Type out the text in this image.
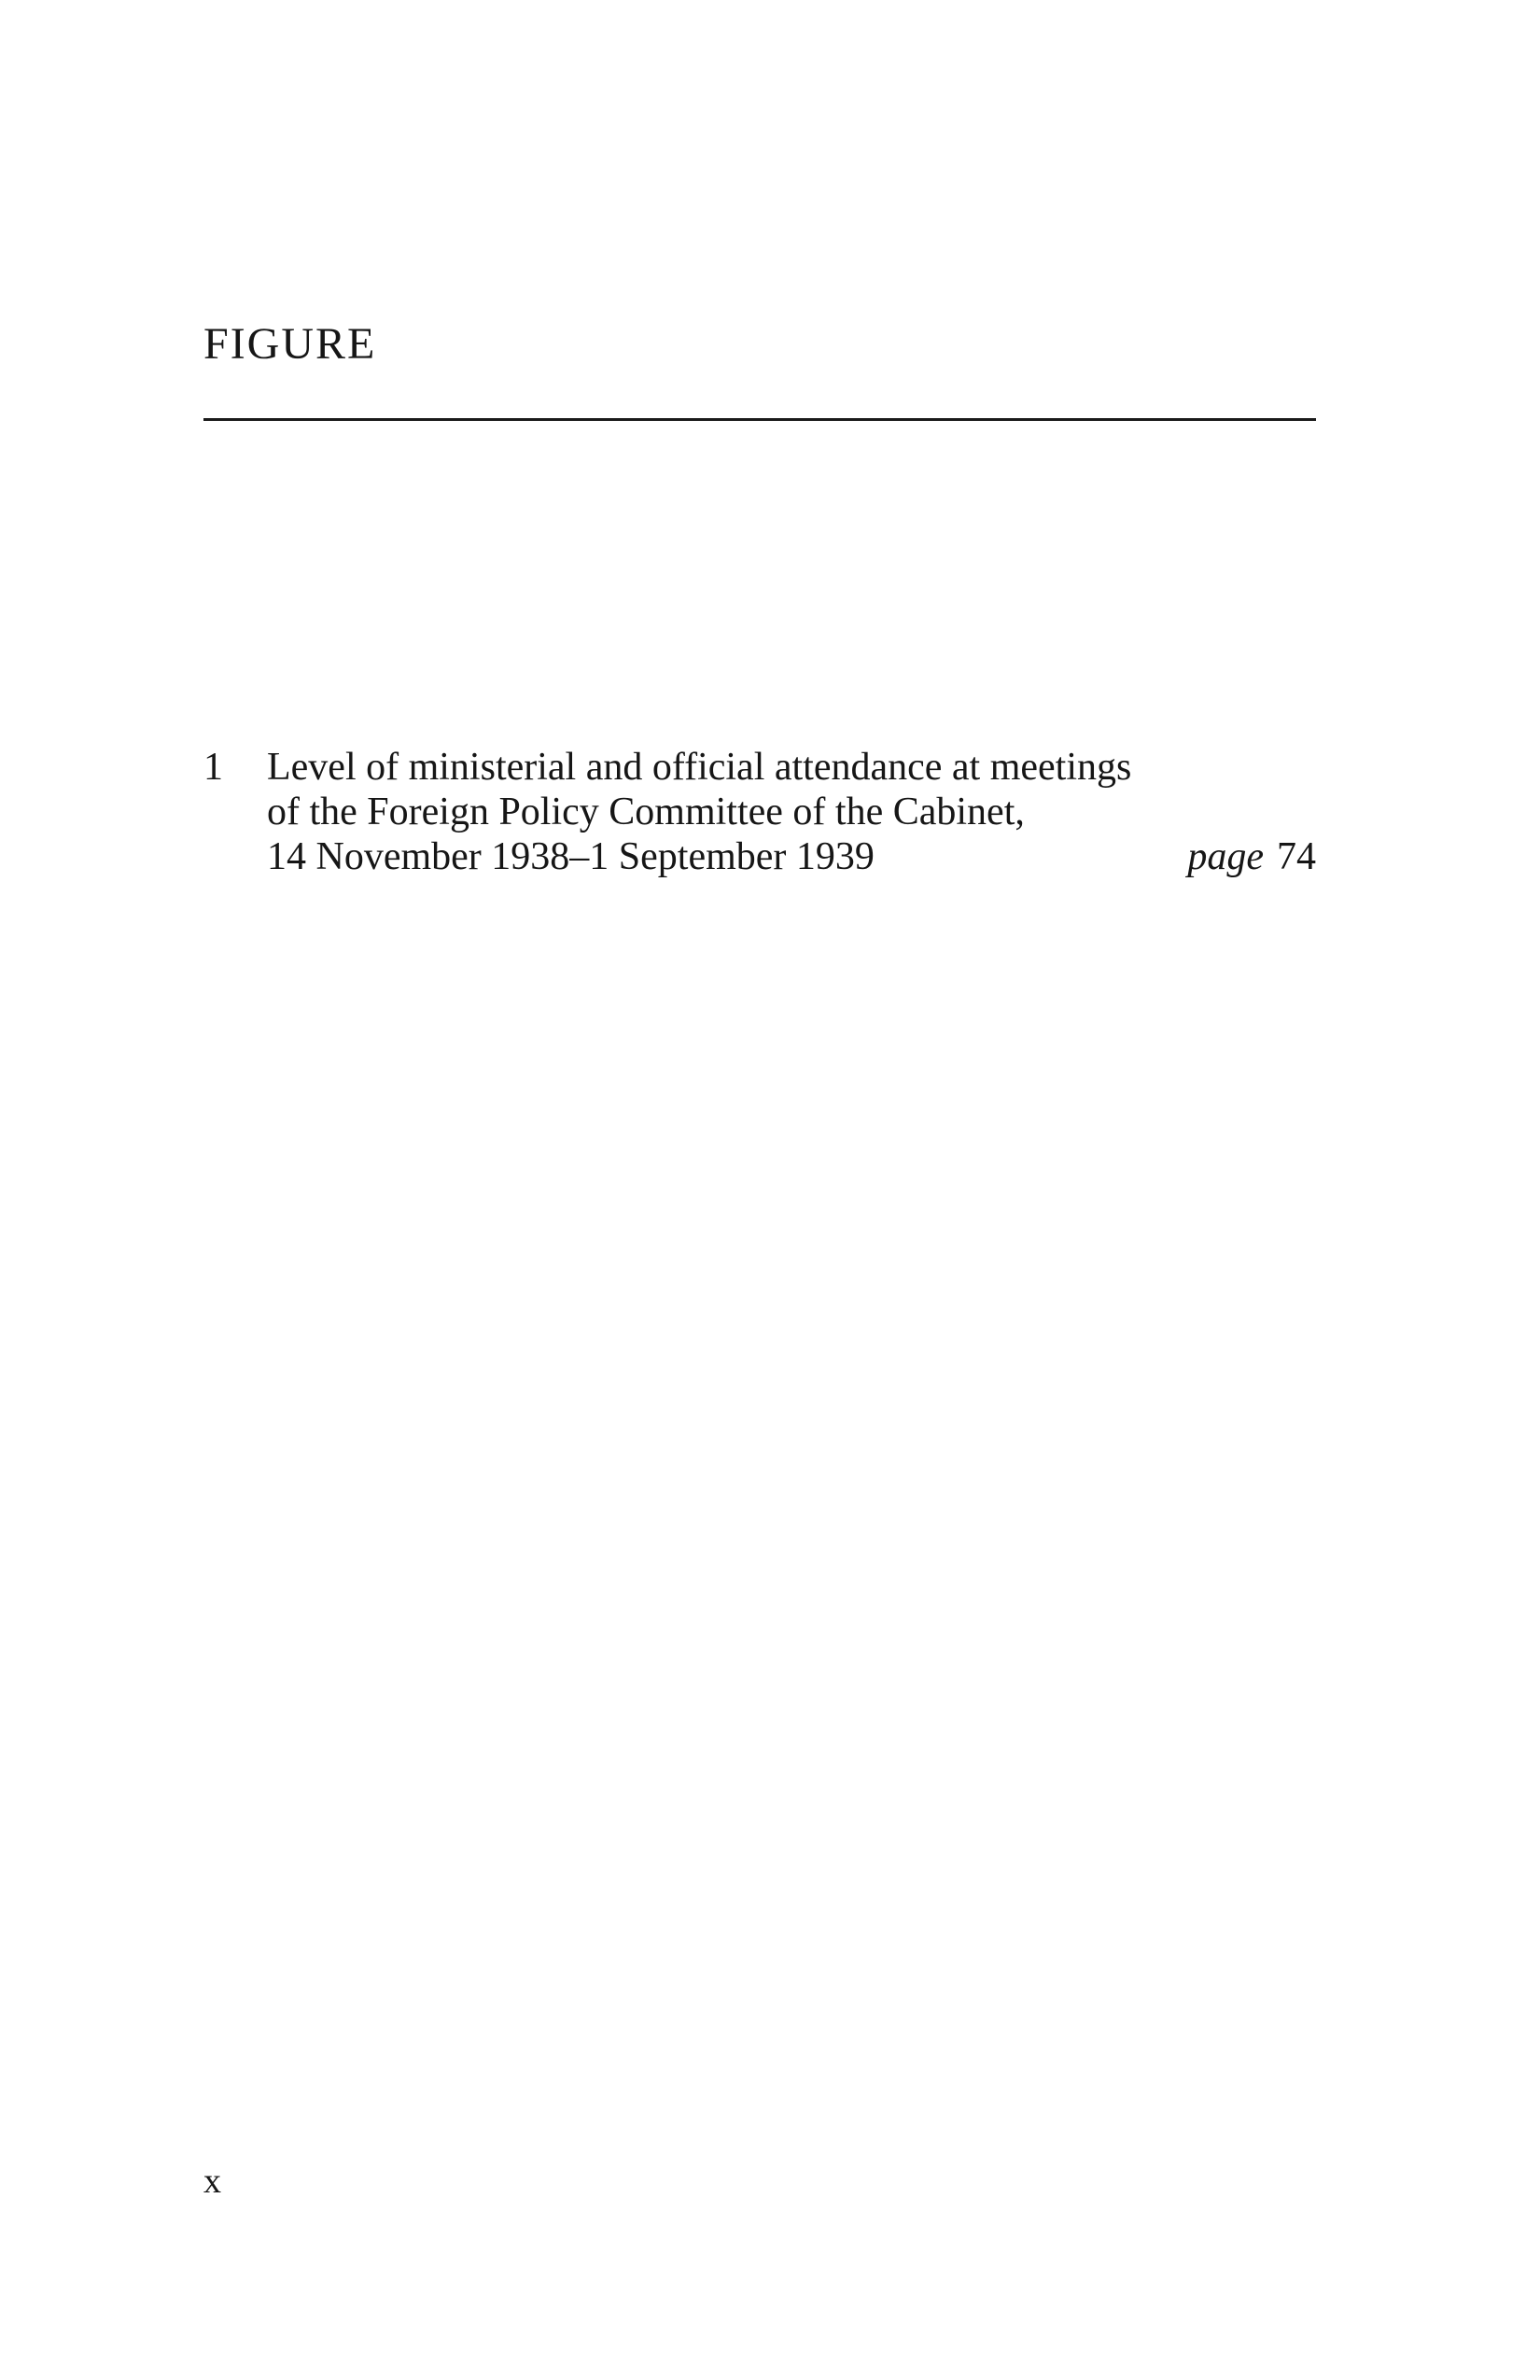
FIGURE
1 Level of ministerial and official attendance at meetings
of the Foreign Policy Committee of the Cabinet,
14 November 1938–1 September 1939	page 74
x
